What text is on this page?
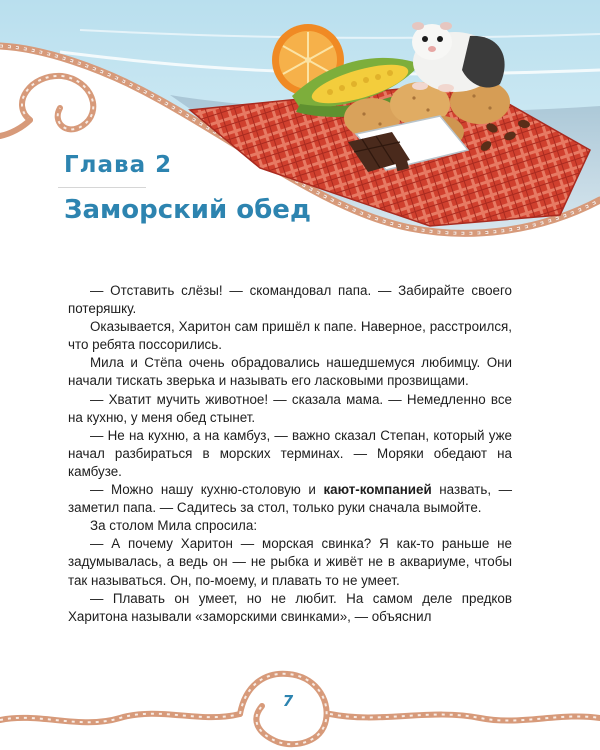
Глава 2
Заморский обед

— Отставить слёзы! — скомандовал папа. — Забирайте своего потеряшку.

Оказывается, Харитон сам пришёл к папе. Наверное, расстроился, что ребята поссорились.

Мила и Стёпа очень обрадовались нашедшемуся любимцу. Они начали тискать зверька и называть его ласковыми прозвищами.

— Хватит мучить животное! — сказала мама. — Немедленно все на кухню, у меня обед стынет.

— Не на кухню, а на камбуз, — важно сказал Степан, который уже начал разбираться в морских терминах. — Моряки обедают на камбузе.

— Можно нашу кухню-столовую и кают-компанией назвать, — заметил папа. — Садитесь за стол, только руки сначала вымойте.

За столом Мила спросила:

— А почему Харитон — морская свинка? Я как-то раньше не задумывалась, а ведь он — не рыбка и живёт не в аквариуме, чтобы так называться. Он, по-моему, и плавать то не умеет.

— Плавать он умеет, но не любит. На самом деле предков Харитона называли «заморскими свинками», — объяснил

7
